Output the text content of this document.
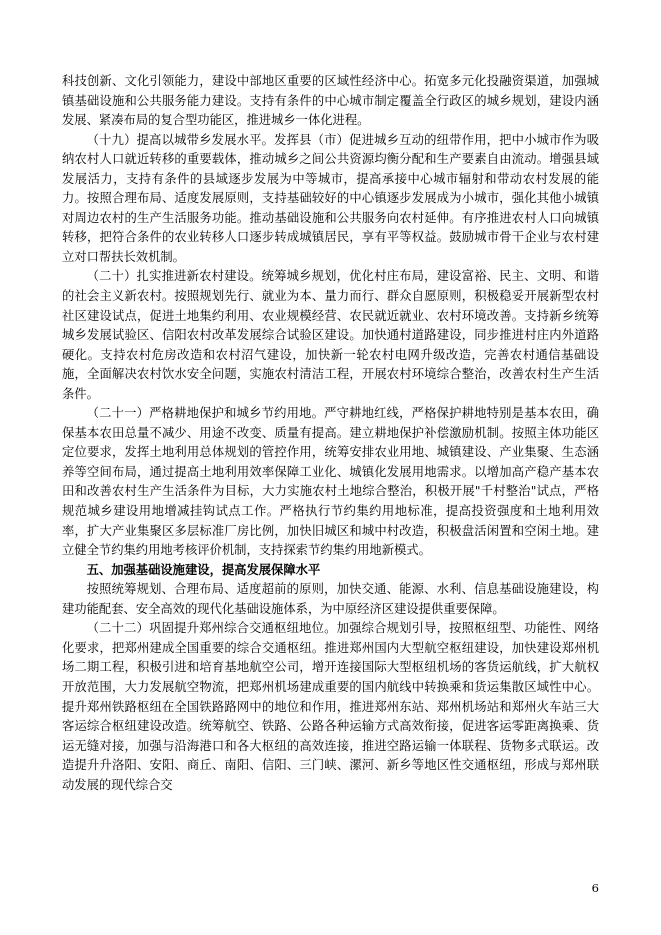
科技创新、文化引领能力，建设中部地区重要的区域性经济中心。拓宽多元化投融资渠道，加强城镇基础设施和公共服务能力建设。支持有条件的中心城市制定覆盖全行政区的城乡规划，建设内涵发展、紧凑布局的复合型功能区，推进城乡一体化进程。

（十九）提高以城带乡发展水平。发挥县（市）促进城乡互动的纽带作用，把中小城市作为吸纳农村人口就近转移的重要载体，推动城乡之间公共资源均衡分配和生产要素自由流动。增强县域发展活力，支持有条件的县域逐步发展为中等城市，提高承接中心城市辐射和带动农村发展的能力。按照合理布局、适度发展原则，支持基础较好的中心镇逐步发展成为小城市，强化其他小城镇对周边农村的生产生活服务功能。推动基础设施和公共服务向农村延伸。有序推进农村人口向城镇转移，把符合条件的农业转移人口逐步转成城镇居民，享有平等权益。鼓励城市骨干企业与农村建立对口帮扶长效机制。

（二十）扎实推进新农村建设。统筹城乡规划，优化村庄布局，建设富裕、民主、文明、和谐的社会主义新农村。按照规划先行、就业为本、量力而行、群众自愿原则，积极稳妥开展新型农村社区建设试点，促进土地集约利用、农业规模经营、农民就近就业、农村环境改善。支持新乡统筹城乡发展试验区、信阳农村改革发展综合试验区建设。加快通村道路建设，同步推进村庄内外道路硬化。支持农村危房改造和农村沼气建设，加快新一轮农村电网升级改造，完善农村通信基础设施，全面解决农村饮水安全问题，实施农村清洁工程，开展农村环境综合整治，改善农村生产生活条件。

（二十一）严格耕地保护和城乡节约用地。严守耕地红线，严格保护耕地特别是基本农田，确保基本农田总量不减少、用途不改变、质量有提高。建立耕地保护补偿激励机制。按照主体功能区定位要求，发挥土地利用总体规划的管控作用，统筹安排农业用地、城镇建设、产业集聚、生态涵养等空间布局，通过提高土地利用效率保障工业化、城镇化发展用地需求。以增加高产稳产基本农田和改善农村生产生活条件为目标，大力实施农村土地综合整治，积极开展"千村整治"试点，严格规范城乡建设用地增减挂钩试点工作。严格执行节约集约用地标准，提高投资强度和土地利用效率，扩大产业集聚区多层标准厂房比例，加快旧城区和城中村改造，积极盘活闲置和空闲土地。建立健全节约集约用地考核评价机制，支持探索节约集约用地新模式。

五、加强基础设施建设，提高发展保障水平

按照统筹规划、合理布局、适度超前的原则，加快交通、能源、水利、信息基础设施建设，构建功能配套、安全高效的现代化基础设施体系，为中原经济区建设提供重要保障。

（二十二）巩固提升郑州综合交通枢纽地位。加强综合规划引导，按照枢纽型、功能性、网络化要求，把郑州建成全国重要的综合交通枢纽。推进郑州国内大型航空枢纽建设，加快建设郑州机场二期工程，积极引进和培育基地航空公司，增开连接国际大型枢纽机场的客货运航线，扩大航权开放范围，大力发展航空物流，把郑州机场建成重要的国内航线中转换乘和货运集散区域性中心。提升郑州铁路枢纽在全国铁路路网中的地位和作用，推进郑州东站、郑州机场站和郑州火车站三大客运综合枢纽建设改造。统筹航空、铁路、公路各种运输方式高效衔接，促进客运零距离换乘、货运无缝对接，加强与沿海港口和各大枢纽的高效连接，推进空路运输一体联程、货物多式联运。改造提升升洛阳、安阳、商丘、南阳、信阳、三门峡、漯河、新乡等地区性交通枢纽，形成与郑州联动发展的现代综合交

6
